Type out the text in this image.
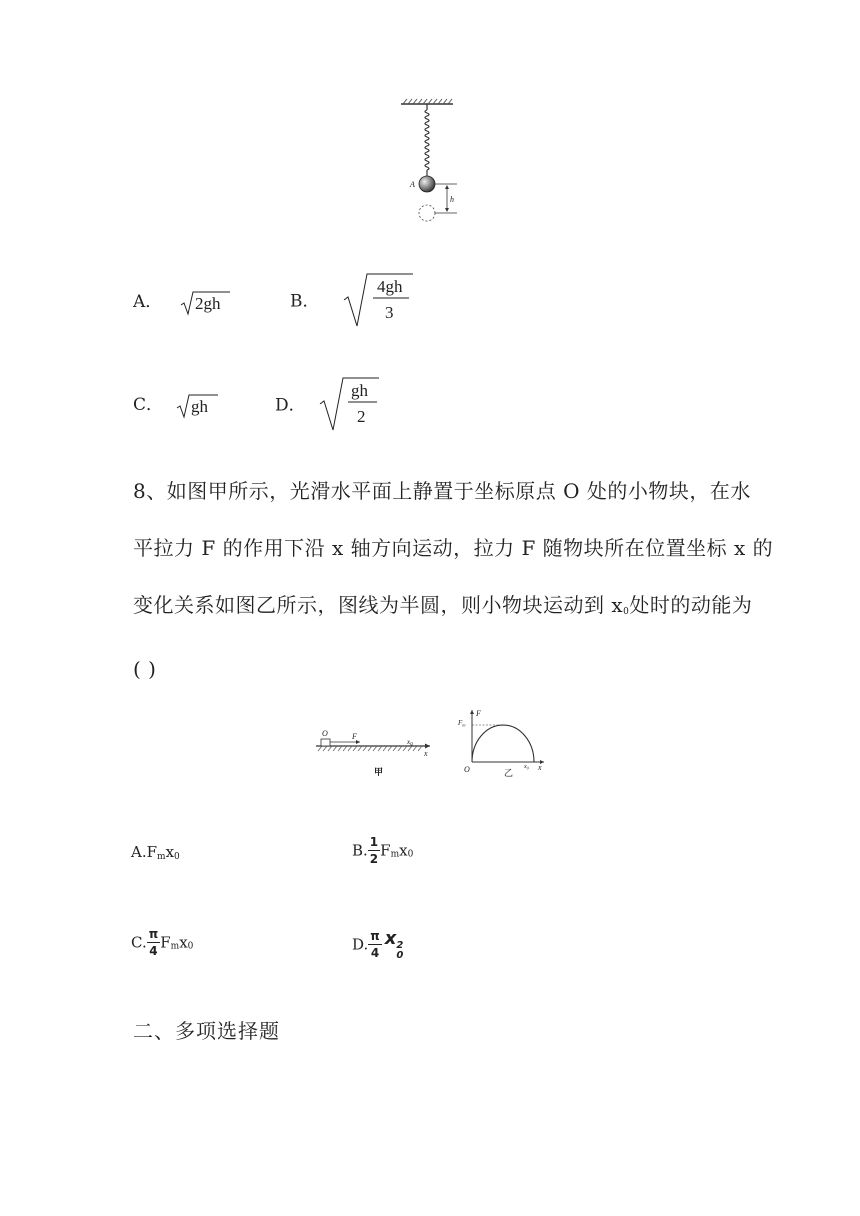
A
h
A． 2gh	B．
4gh
3
C． gh	D．
gh
2

8、如图甲所示，光滑水平面上静置于坐标原点 O 处的小物块，在水

平拉力 F 的作用下沿 x 轴方向运动，拉力 F 随物块所在位置坐标 x 的

变化关系如图乙所示，图线为半圆，则小物块运动到 $x_0$处时的动能为

( )

O	F
$x_0$
x
甲
F
$F_m$
O	$x_0$ x
乙
$A.F_mx_0$	B. $\frac{1}{2} F_mx_0$
C. $\frac{\pi}{4} F_mx_0$	D. $\frac{\pi}{4}$ x 2
0
二、多项选择题
